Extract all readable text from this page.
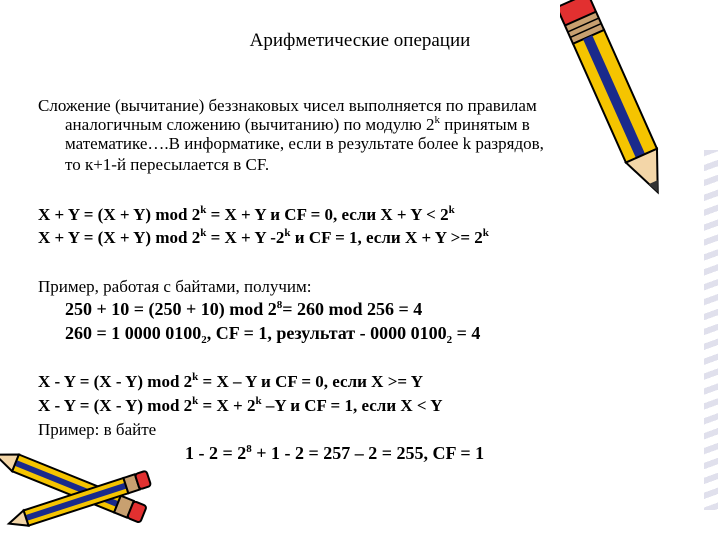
Арифметические операции
Сложение (вычитание) беззнаковых чисел выполняется по правилам
аналогичным сложению (вычитанию) по модулю 2$^k$ принятым в
математике….В информатике, если в результате более k разрядов,
то к+1-й пересылается в CF.
X + Y = (X + Y) mod $2^k = X + Y$ и CF = 0, если $X + Y < 2^k$
X + Y = (X + Y) mod $2^k = X + Y$ -2$^k$ и CF = 1, если $X + Y >= 2^k$
Пример, работая с байтами, получим:
250 + 10 = (250 + 10) mod $2^8= 260$ mod 256 = 4
260 = 1 0000 $0100_2$, CF = 1, результат - 0000 $0100_2 = 4$
X - Y = (X - Y) mod $2^k = X - Y$ и CF = 0, если X >= Y
X - Y = (X - Y) mod $2^k = X + 2^k$ –Y и CF = 1, если X < Y
Пример: в байте
$1 - 2 = 2^8 + 1 - 2 = 257 - 2 = 255$, CF = 1
